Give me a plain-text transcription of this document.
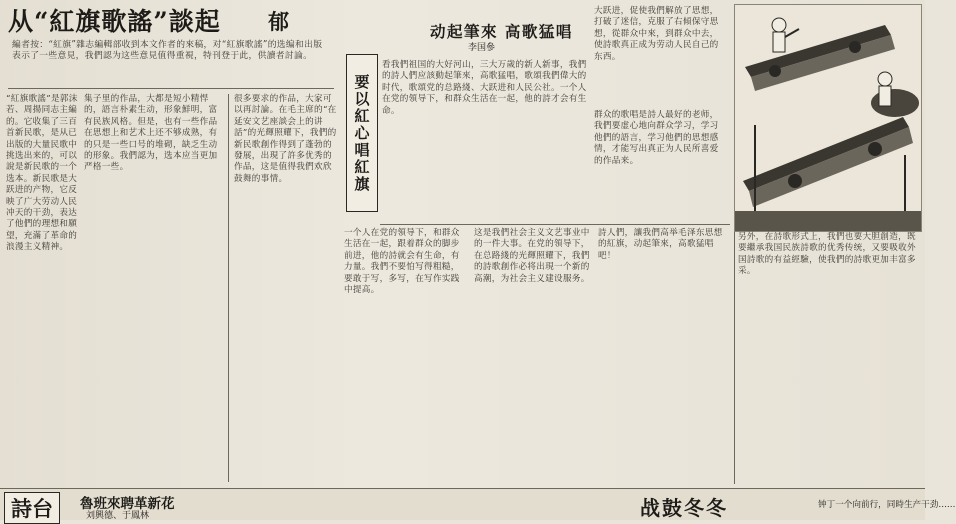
从“紅旗歌謠”談起 郁
編者按：“紅旗”雜志編輯部收到本文作者的來稿，对“紅旗歌謠”的选编和出版表示了一些意見，我們認为这些意見值得重視，特刊登于此，供讀者討論。
“紅旗歌謠”是郭沫若、周揚同志主編的。它收集了三百首新民歌，是从已出版的大量民歌中挑选出来的，可以說是新民歌的一个选本。新民歌是大跃进的产物，它反映了广大劳动人民冲天的干劲，表达了他們的理想和願望，充滿了革命的浪漫主义精神。
集子里的作品，大都是短小精悍的，語言朴素生动，形象鮮明，富有民族风格。但是，也有一些作品在思想上和艺术上还不够成熟，有的只是一些口号的堆砌，缺乏生动的形象。我們認为，选本应当更加严格一些。
很多要求的作品，大家可以再討論。在毛主席的“在延安文艺座談会上的讲話”的光輝照耀下，我們的新民歌創作得到了蓬勃的發展，出現了許多优秀的作品，这是值得我們欢欣鼓舞的事情。	要以紅心唱紅旗
动起筆來 高歌猛唱
李国參
看我們祖国的大好河山，三大万歲的新人新事，我們的詩人們应該動起筆來，高歌猛唱，歌頌我們偉大的时代，歌頌党的总路綫、大跃进和人民公社。一个人在党的領导下，和群众生活在一起，他的詩才会有生命。
大跃进，促使我們解放了思想，打破了迷信，克服了右傾保守思想，從群众中來，到群众中去，使詩歌真正成为劳动人民自己的东西。
群众的歌唱是詩人最好的老师，我們要虚心地向群众学习，学习他們的語言，学习他們的思想感情，才能写出真正为人民所喜爱的作品来。
一个人在党的領导下，和群众生活在一起，跟着群众的脚步前进，他的詩就会有生命，有力量。我們不要怕写得粗糙，要敢于写，多写，在写作实践中提高。
这是我們社会主义文艺事业中的一件大事。在党的領导下，在总路綫的光輝照耀下，我們的詩歌創作必将出現一个新的高潮，为社会主义建设服务。
詩人們，讓我們高举毛泽东思想的紅旗，动起筆來，高歌猛唱吧！
另外，在詩歌形式上，我們也要大胆創造，既要繼承我国民族詩歌的优秀传统，又要吸收外国詩歌的有益經驗，使我們的詩歌更加丰富多采。
詩台	魯班來聘革新花
刘興德、于鳳林	战鼓冬冬	钟丁一个向前行，同時生产干劲……
